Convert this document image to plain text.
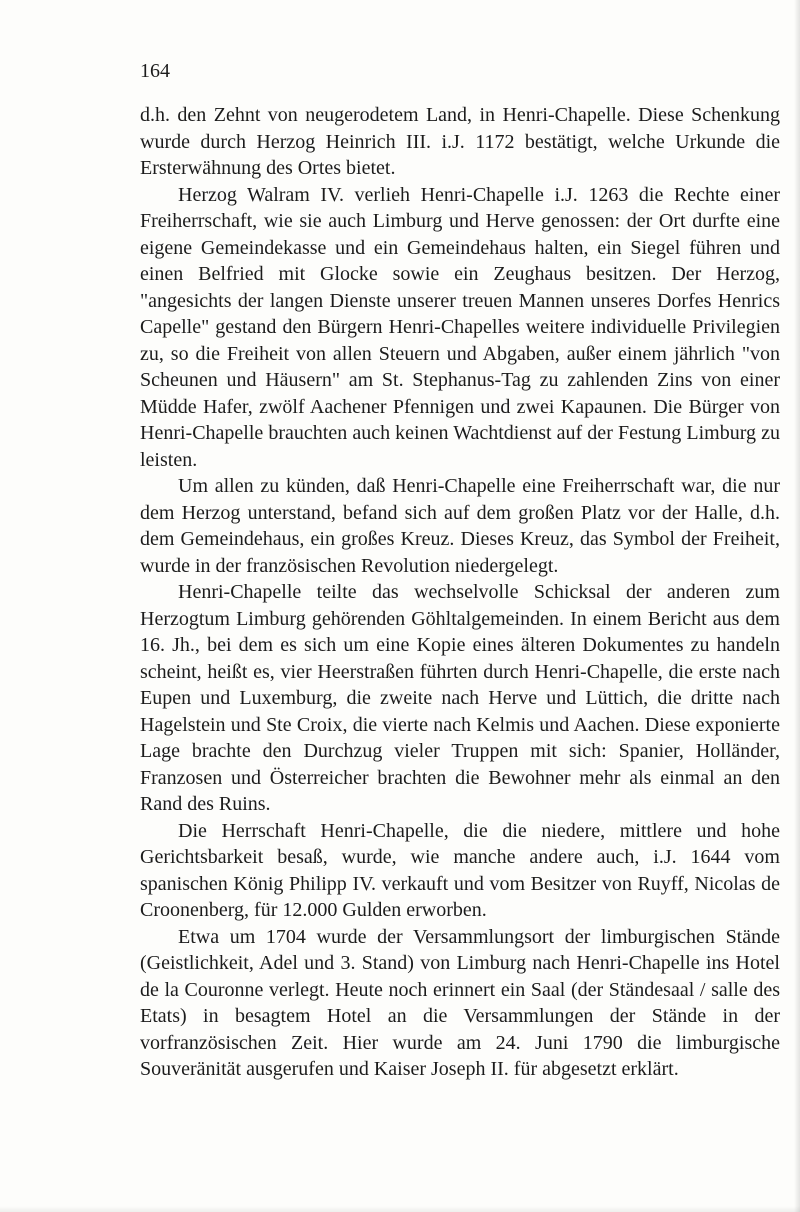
164

d.h. den Zehnt von neugerodetem Land, in Henri-Chapelle. Diese Schenkung wurde durch Herzog Heinrich III. i.J. 1172 bestätigt, welche Urkunde die Ersterwähnung des Ortes bietet.

Herzog Walram IV. verlieh Henri-Chapelle i.J. 1263 die Rechte einer Freiherrschaft, wie sie auch Limburg und Herve genossen: der Ort durfte eine eigene Gemeindekasse und ein Gemeindehaus halten, ein Siegel führen und einen Belfried mit Glocke sowie ein Zeughaus besitzen. Der Herzog, "angesichts der langen Dienste unserer treuen Mannen unseres Dorfes Henrics Capelle" gestand den Bürgern Henri-Chapelles weitere individuelle Privilegien zu, so die Freiheit von allen Steuern und Abgaben, außer einem jährlich "von Scheunen und Häusern" am St. Stephanus-Tag zu zahlenden Zins von einer Müdde Hafer, zwölf Aachener Pfennigen und zwei Kapaunen. Die Bürger von Henri-Chapelle brauchten auch keinen Wachtdienst auf der Festung Limburg zu leisten.

Um allen zu künden, daß Henri-Chapelle eine Freiherrschaft war, die nur dem Herzog unterstand, befand sich auf dem großen Platz vor der Halle, d.h. dem Gemeindehaus, ein großes Kreuz. Dieses Kreuz, das Symbol der Freiheit, wurde in der französischen Revolution niedergelegt.

Henri-Chapelle teilte das wechselvolle Schicksal der anderen zum Herzogtum Limburg gehörenden Göhltalgemeinden. In einem Bericht aus dem 16. Jh., bei dem es sich um eine Kopie eines älteren Dokumentes zu handeln scheint, heißt es, vier Heerstraßen führten durch Henri-Chapelle, die erste nach Eupen und Luxemburg, die zweite nach Herve und Lüttich, die dritte nach Hagelstein und Ste Croix, die vierte nach Kelmis und Aachen. Diese exponierte Lage brachte den Durchzug vieler Truppen mit sich: Spanier, Holländer, Franzosen und Österreicher brachten die Bewohner mehr als einmal an den Rand des Ruins.

Die Herrschaft Henri-Chapelle, die die niedere, mittlere und hohe Gerichtsbarkeit besaß, wurde, wie manche andere auch, i.J. 1644 vom spanischen König Philipp IV. verkauft und vom Besitzer von Ruyff, Nicolas de Croonenberg, für 12.000 Gulden erworben.

Etwa um 1704 wurde der Versammlungsort der limburgischen Stände (Geistlichkeit, Adel und 3. Stand) von Limburg nach Henri-Chapelle ins Hotel de la Couronne verlegt. Heute noch erinnert ein Saal (der Ständesaal / salle des Etats) in besagtem Hotel an die Versammlungen der Stände in der vorfranzösischen Zeit. Hier wurde am 24. Juni 1790 die limburgische Souveränität ausgerufen und Kaiser Joseph II. für abgesetzt erklärt.
